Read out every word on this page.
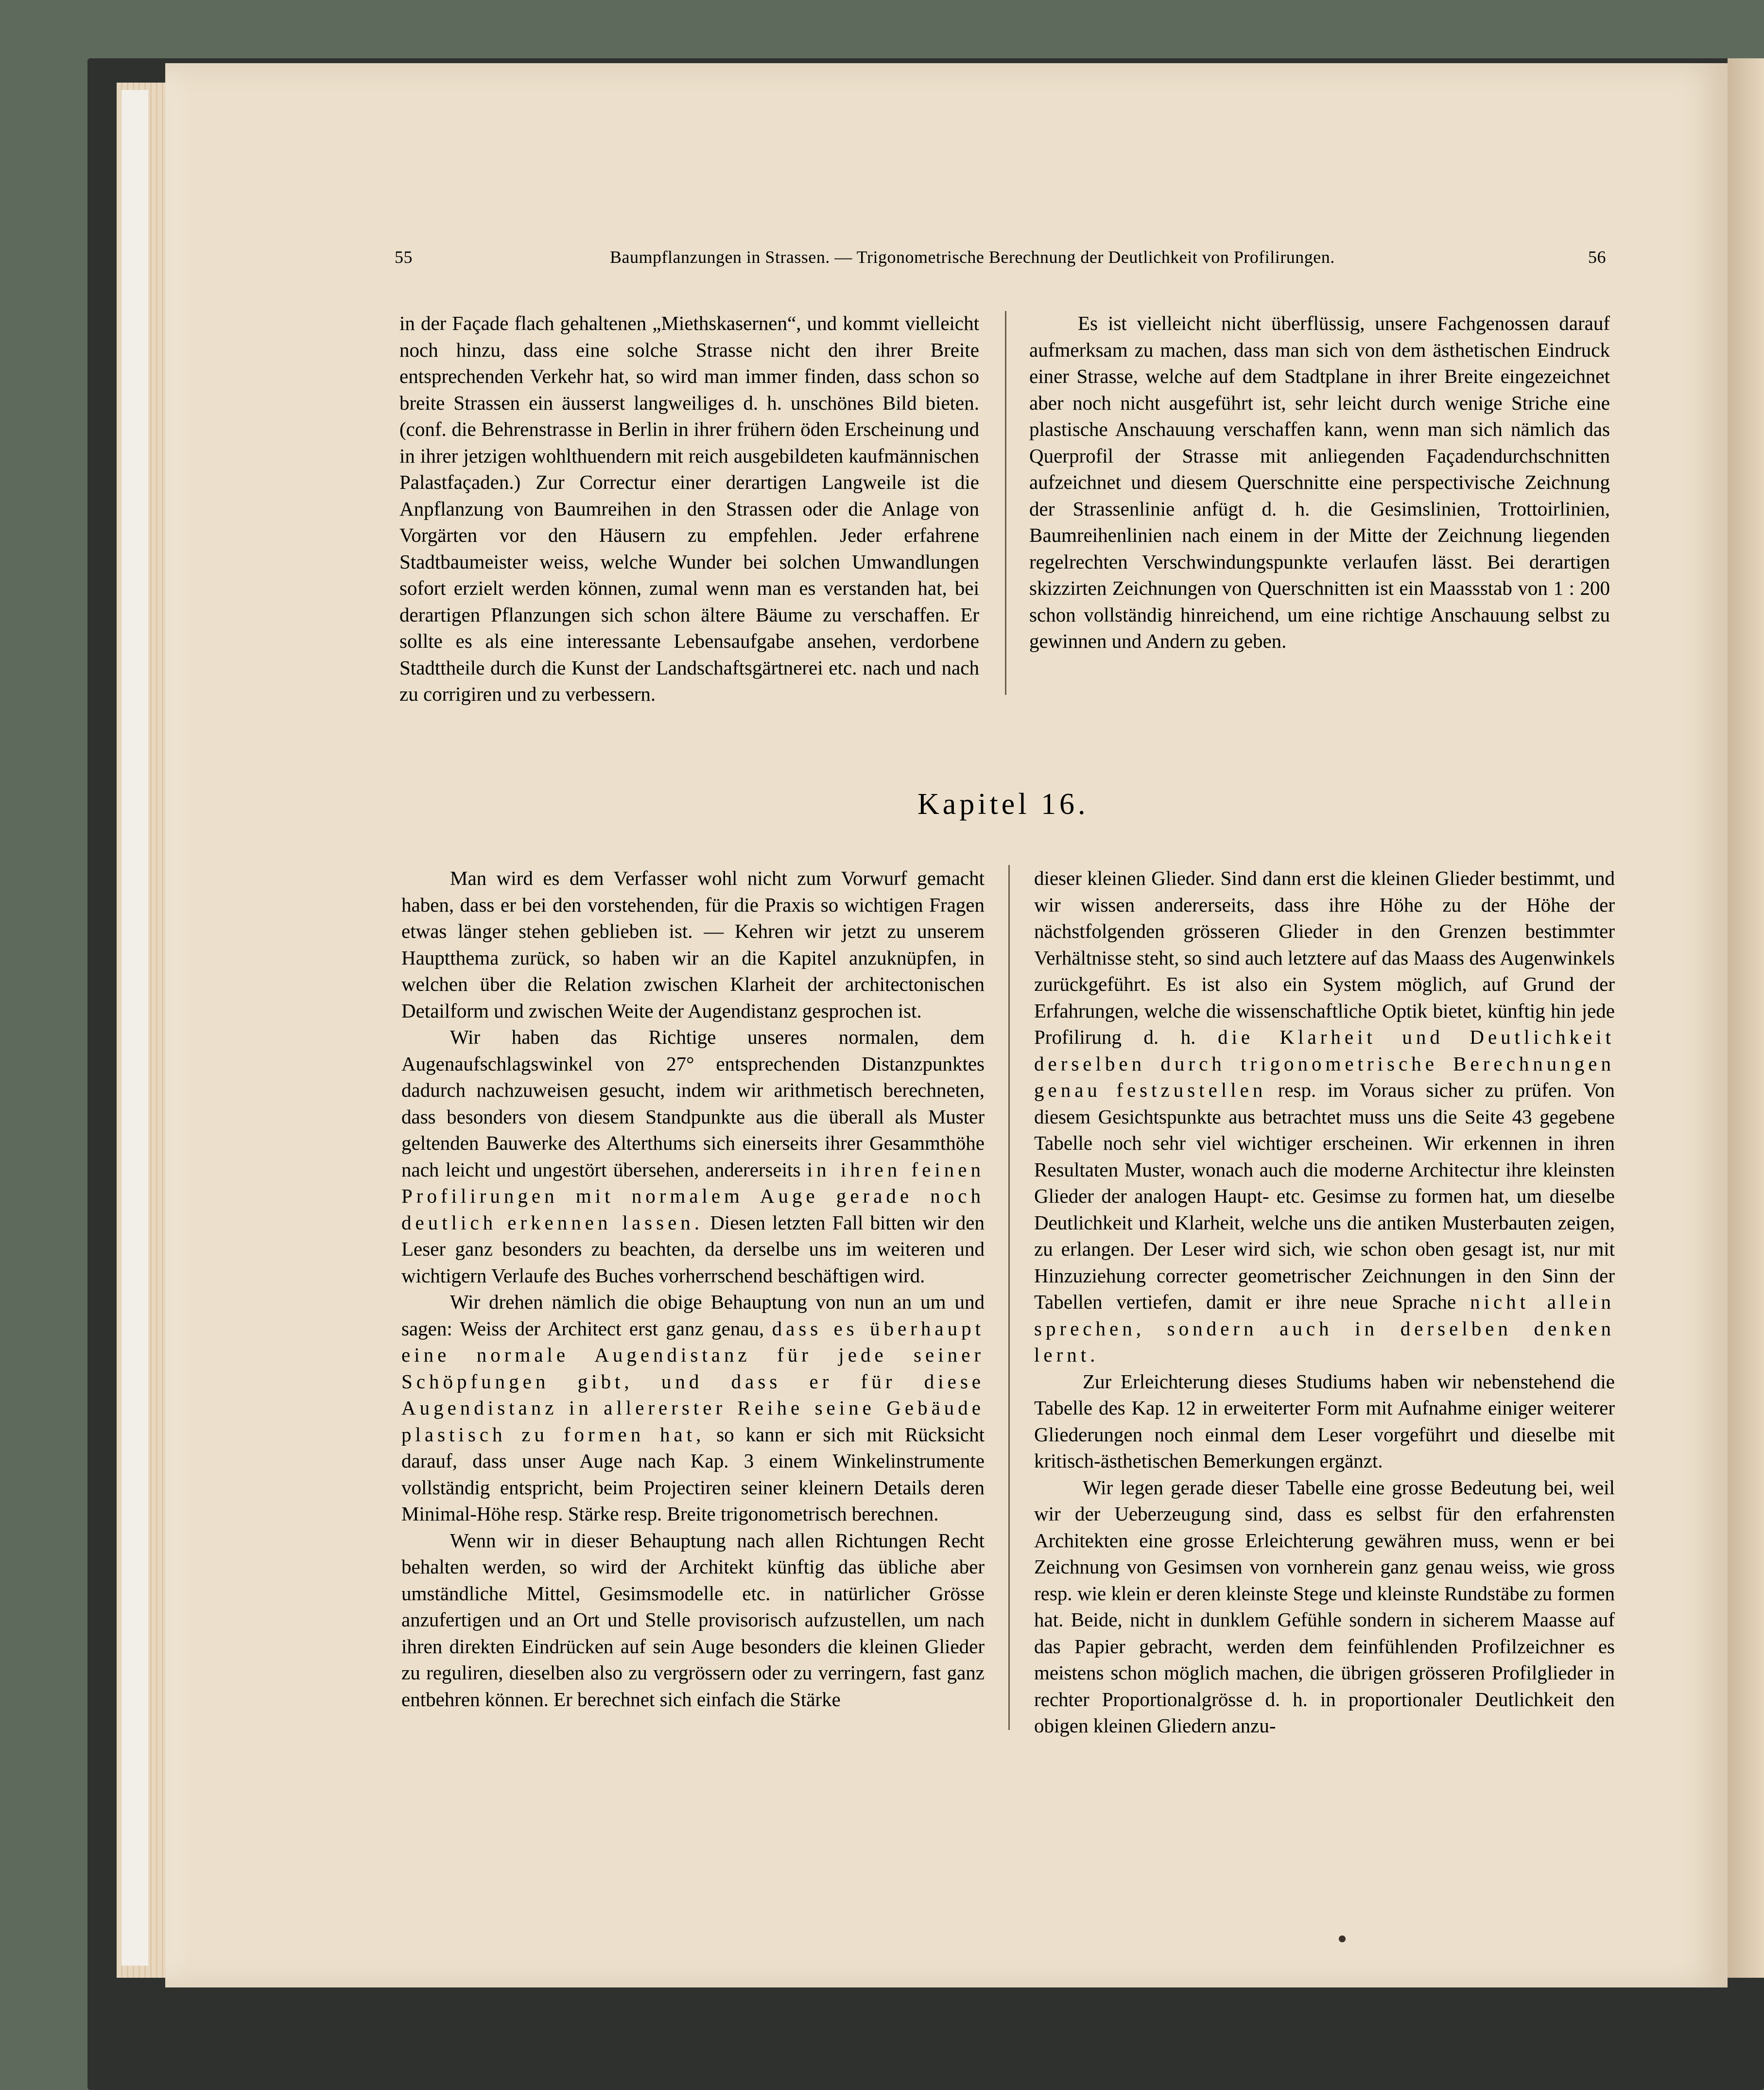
55	Baumpflanzungen in Strassen. — Trigonometrische Berechnung der Deutlichkeit von Profilirungen.	56

in der Façade flach gehaltenen „Miethskasernen“, und kommt vielleicht noch hinzu, dass eine solche Strasse nicht den ihrer Breite entsprechenden Verkehr hat, so wird man immer finden, dass schon so breite Strassen ein äusserst langweiliges d. h. unschönes Bild bieten. (conf. die Behrenstrasse in Berlin in ihrer frühern öden Erscheinung und in ihrer jetzigen wohlthuendern mit reich ausgebildeten kaufmännischen Palastfaçaden.) Zur Correctur einer derartigen Langweile ist die Anpflanzung von Baumreihen in den Strassen oder die Anlage von Vorgärten vor den Häusern zu empfehlen. Jeder erfahrene Stadtbaumeister weiss, welche Wunder bei solchen Umwandlungen sofort erzielt werden können, zumal wenn man es verstanden hat, bei derartigen Pflanzungen sich schon ältere Bäume zu verschaffen. Er sollte es als eine interessante Lebensaufgabe ansehen, verdorbene Stadttheile durch die Kunst der Landschaftsgärtnerei etc. nach und nach zu corrigiren und zu verbessern.

Es ist vielleicht nicht überflüssig, unsere Fachgenossen darauf aufmerksam zu machen, dass man sich von dem ästhetischen Eindruck einer Strasse, welche auf dem Stadtplane in ihrer Breite eingezeichnet aber noch nicht ausgeführt ist, sehr leicht durch wenige Striche eine plastische Anschauung verschaffen kann, wenn man sich nämlich das Querprofil der Strasse mit anliegenden Façadendurchschnitten aufzeichnet und diesem Querschnitte eine perspectivische Zeichnung der Strassenlinie anfügt d. h. die Gesimslinien, Trottoirlinien, Baumreihenlinien nach einem in der Mitte der Zeichnung liegenden regelrechten Verschwindungspunkte verlaufen lässt. Bei derartigen skizzirten Zeichnungen von Querschnitten ist ein Maassstab von 1 : 200 schon vollständig hinreichend, um eine richtige Anschauung selbst zu gewinnen und Andern zu geben.

Kapitel 16.

Man wird es dem Verfasser wohl nicht zum Vorwurf gemacht haben, dass er bei den vorstehenden, für die Praxis so wichtigen Fragen etwas länger stehen geblieben ist. — Kehren wir jetzt zu unserem Hauptthema zurück, so haben wir an die Kapitel anzuknüpfen, in welchen über die Relation zwischen Klarheit der architectonischen Detailform und zwischen Weite der Augendistanz gesprochen ist.

Wir haben das Richtige unseres normalen, dem Augenaufschlagswinkel von 27° entsprechenden Distanzpunktes dadurch nachzuweisen gesucht, indem wir arithmetisch berechneten, dass besonders von diesem Standpunkte aus die überall als Muster geltenden Bauwerke des Alterthums sich einerseits ihrer Gesammthöhe nach leicht und ungestört übersehen, andererseits in ihren feinen Profilirungen mit normalem Auge gerade noch deutlich erkennen lassen. Diesen letzten Fall bitten wir den Leser ganz besonders zu beachten, da derselbe uns im weiteren und wichtigern Verlaufe des Buches vorherrschend beschäftigen wird.

Wir drehen nämlich die obige Behauptung von nun an um und sagen: Weiss der Architect erst ganz genau, dass es überhaupt eine normale Augendistanz für jede seiner Schöpfungen gibt, und dass er für diese Augendistanz in allererster Reihe seine Gebäude plastisch zu formen hat, so kann er sich mit Rücksicht darauf, dass unser Auge nach Kap. 3 einem Winkelinstrumente vollständig entspricht, beim Projectiren seiner kleinern Details deren Minimal-Höhe resp. Stärke resp. Breite trigonometrisch berechnen.

Wenn wir in dieser Behauptung nach allen Richtungen Recht behalten werden, so wird der Architekt künftig das übliche aber umständliche Mittel, Gesimsmodelle etc. in natürlicher Grösse anzufertigen und an Ort und Stelle provisorisch aufzustellen, um nach ihren direkten Eindrücken auf sein Auge besonders die kleinen Glieder zu reguliren, dieselben also zu vergrössern oder zu verringern, fast ganz entbehren können. Er berechnet sich einfach die Stärke

dieser kleinen Glieder. Sind dann erst die kleinen Glieder bestimmt, und wir wissen andererseits, dass ihre Höhe zu der Höhe der nächstfolgenden grösseren Glieder in den Grenzen bestimmter Verhältnisse steht, so sind auch letztere auf das Maass des Augenwinkels zurückgeführt. Es ist also ein System möglich, auf Grund der Erfahrungen, welche die wissenschaftliche Optik bietet, künftig hin jede Profilirung d. h. die Klarheit und Deutlichkeit derselben durch trigonometrische Berechnungen genau festzustellen resp. im Voraus sicher zu prüfen. Von diesem Gesichtspunkte aus betrachtet muss uns die Seite 43 gegebene Tabelle noch sehr viel wichtiger erscheinen. Wir erkennen in ihren Resultaten Muster, wonach auch die moderne Architectur ihre kleinsten Glieder der analogen Haupt- etc. Gesimse zu formen hat, um dieselbe Deutlichkeit und Klarheit, welche uns die antiken Musterbauten zeigen, zu erlangen. Der Leser wird sich, wie schon oben gesagt ist, nur mit Hinzuziehung correcter geometrischer Zeichnungen in den Sinn der Tabellen vertiefen, damit er ihre neue Sprache nicht allein sprechen, sondern auch in derselben denken lernt.

Zur Erleichterung dieses Studiums haben wir nebenstehend die Tabelle des Kap. 12 in erweiterter Form mit Aufnahme einiger weiterer Gliederungen noch einmal dem Leser vorgeführt und dieselbe mit kritisch-ästhetischen Bemerkungen ergänzt.

Wir legen gerade dieser Tabelle eine grosse Bedeutung bei, weil wir der Ueberzeugung sind, dass es selbst für den erfahrensten Architekten eine grosse Erleichterung gewähren muss, wenn er bei Zeichnung von Gesimsen von vornherein ganz genau weiss, wie gross resp. wie klein er deren kleinste Stege und kleinste Rundstäbe zu formen hat. Beide, nicht in dunklem Gefühle sondern in sicherem Maasse auf das Papier gebracht, werden dem feinfühlenden Profilzeichner es meistens schon möglich machen, die übrigen grösseren Profilglieder in rechter Proportionalgrösse d. h. in proportionaler Deutlichkeit den obigen kleinen Gliedern anzu-
